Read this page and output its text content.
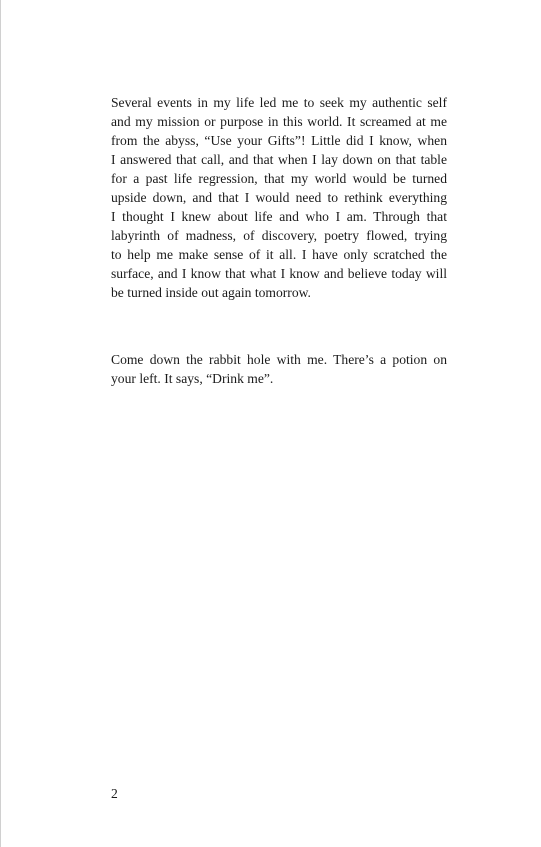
Several events in my life led me to seek my authentic self
and my mission or purpose in this world. It screamed at me
from the abyss, “Use your Gifts”! Little did I know, when
I answered that call, and that when I lay down on that table
for a past life regression, that my world would be turned
upside down, and that I would need to rethink everything
I thought I knew about life and who I am. Through that
labyrinth of madness, of discovery, poetry flowed, trying
to help me make sense of it all. I have only scratched the
surface, and I know that what I know and believe today will
be turned inside out again tomorrow.
Come down the rabbit hole with me. There’s a potion on
your left. It says, “Drink me”.
2
